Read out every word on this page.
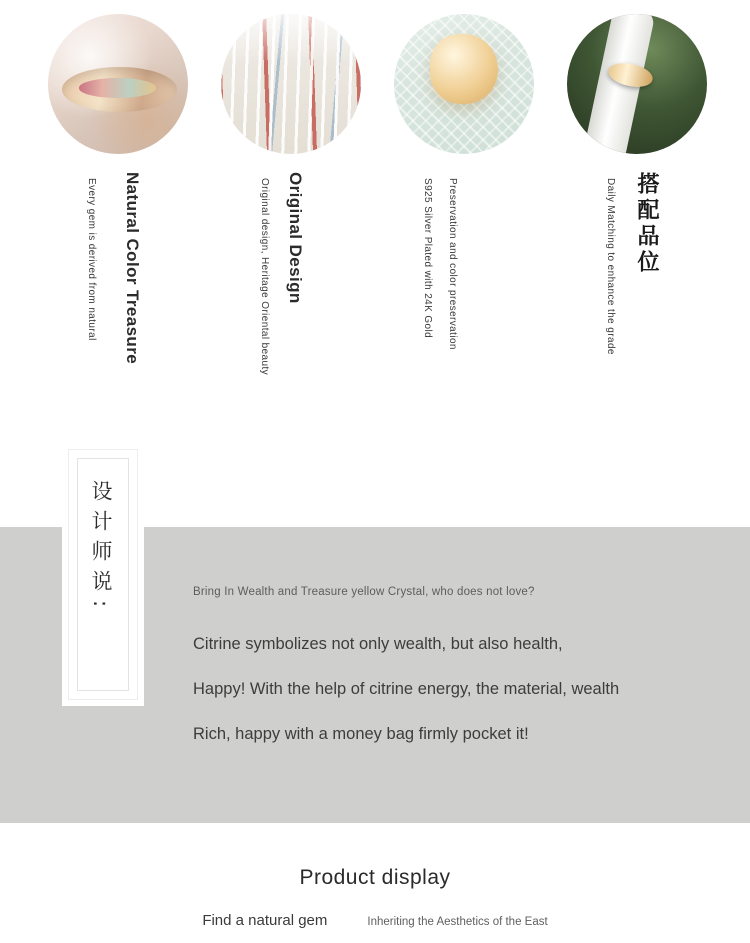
Every gem is derived from natural Natural Color Treasure	Original design, Heritage Oriental beauty Original Design	S925 Silver Plated with 24K Gold Preservation and color preservation	Daily Matching to enhance the grade 搭配品位
设计师说:	Bring In Wealth and Treasure yellow Crystal, who does not love?
Citrine symbolizes not only wealth, but also health,
Happy! With the help of citrine energy, the material, wealth
Rich, happy with a money bag firmly pocket it!
Product display
Find a natural gem	Inheriting the Aesthetics of the East
